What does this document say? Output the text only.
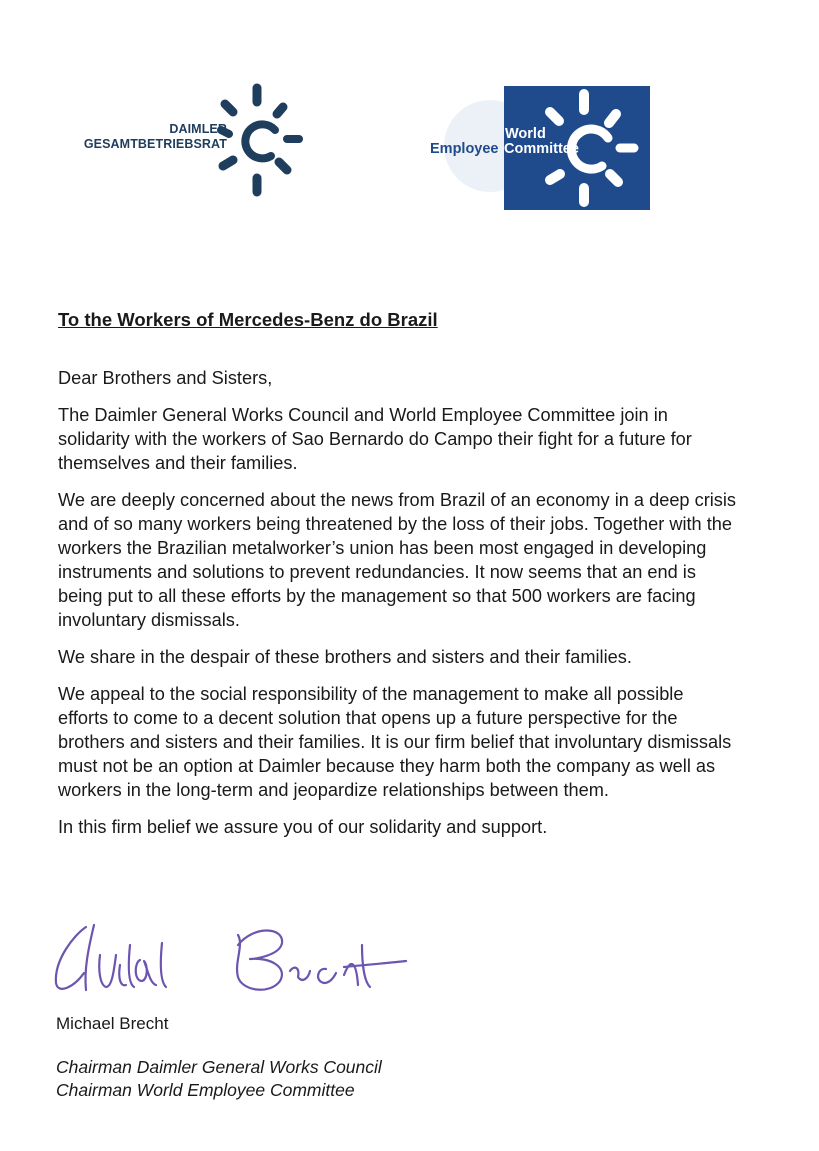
DAIMLER
GESAMTBETRIEBSRAT
World
Employee Committee
To the Workers of Mercedes-Benz do Brazil

Dear Brothers and Sisters,

The Daimler General Works Council and World Employee Committee join in solidarity with the workers of Sao Bernardo do Campo their fight for a future for themselves and their families.

We are deeply concerned about the news from Brazil of an economy in a deep crisis and of so many workers being threatened by the loss of their jobs. Together with the workers the Brazilian metalworker’s union has been most engaged in developing instruments and solutions to prevent redundancies. It now seems that an end is being put to all these efforts by the management so that 500 workers are facing involuntary dismissals.

We share in the despair of these brothers and sisters and their families.

We appeal to the social responsibility of the management to make all possible efforts to come to a decent solution that opens up a future perspective for the brothers and sisters and their families. It is our firm belief that involuntary dismissals must not be an option at Daimler because they harm both the company as well as workers in the long-term and jeopardize relationships between them.

In this firm belief we assure you of our solidarity and support.

Michael Brecht
Chairman Daimler General Works Council
Chairman World Employee Committee
